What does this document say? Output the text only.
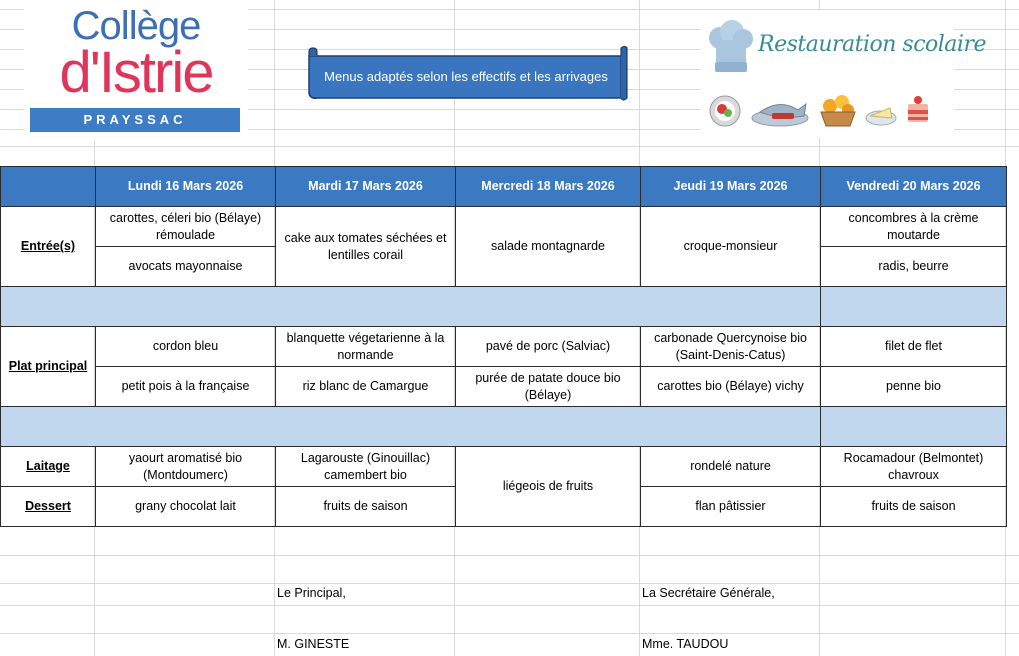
Collège
d'Istrie
PRAYSSAC
Menus adaptés selon les effectifs et les arrivages
Restauration scolaire
	Lundi 16 Mars 2026	Mardi 17 Mars 2026	Mercredi 18 Mars 2026	Jeudi 19 Mars 2026	Vendredi 20 Mars 2026
Entrée(s)	carottes, céleri bio (Bélaye) rémoulade	cake aux tomates séchées et lentilles corail	salade montagnarde	croque-monsieur	concombres à la crème moutarde
	avocats mayonnaise				radis, beurre

Plat principal	cordon bleu	blanquette végetarienne à la normande	pavé de porc (Salviac)	carbonade Quercynoise bio (Saint-Denis-Catus)	filet de flet
	petit pois à la française	riz blanc de Camargue	purée de patate douce bio (Bélaye)	carottes bio (Bélaye) vichy	penne bio

Laitage	yaourt aromatisé bio (Montdoumerc)	Lagarouste (Ginouillac) camembert bio	liégeois de fruits	rondelé nature	Rocamadour (Belmontet) chavroux
Dessert	grany chocolat lait	fruits de saison		flan pâtissier	fruits de saison
Le Principal,
M. GINESTE
La Secrétaire Générale,
Mme. TAUDOU
